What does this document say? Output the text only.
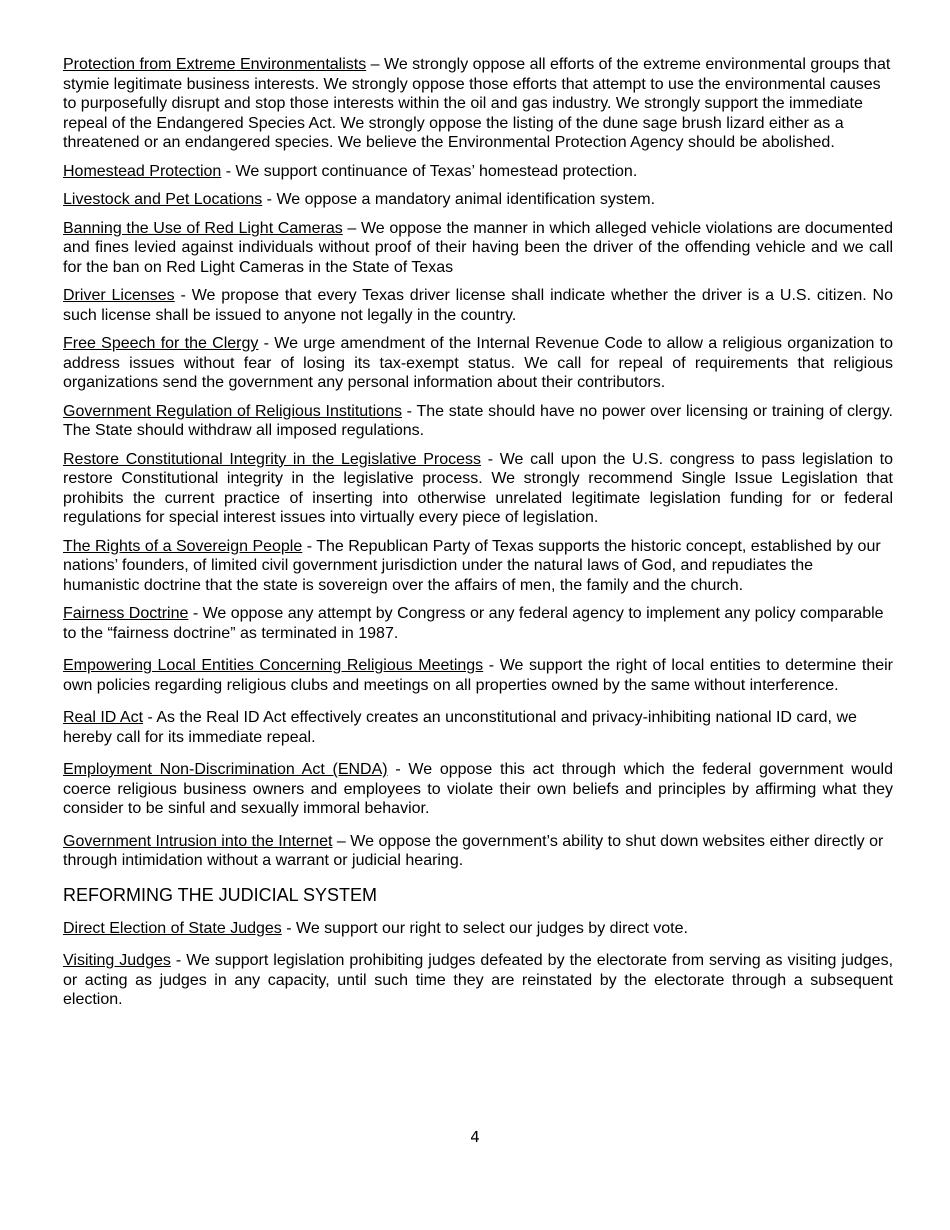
Protection from Extreme Environmentalists – We strongly oppose all efforts of the extreme environmental groups that stymie legitimate business interests. We strongly oppose those efforts that attempt to use the environmental causes to purposefully disrupt and stop those interests within the oil and gas industry. We strongly support the immediate repeal of the Endangered Species Act. We strongly oppose the listing of the dune sage brush lizard either as a threatened or an endangered species. We believe the Environmental Protection Agency should be abolished.

Homestead Protection - We support continuance of Texas’ homestead protection.

Livestock and Pet Locations - We oppose a mandatory animal identification system.

Banning the Use of Red Light Cameras – We oppose the manner in which alleged vehicle violations are documented and fines levied against individuals without proof of their having been the driver of the offending vehicle and we call for the ban on Red Light Cameras in the State of Texas

Driver Licenses - We propose that every Texas driver license shall indicate whether the driver is a U.S. citizen. No such license shall be issued to anyone not legally in the country.

Free Speech for the Clergy - We urge amendment of the Internal Revenue Code to allow a religious organization to address issues without fear of losing its tax-exempt status. We call for repeal of requirements that religious organizations send the government any personal information about their contributors.

Government Regulation of Religious Institutions - The state should have no power over licensing or training of clergy. The State should withdraw all imposed regulations.

Restore Constitutional Integrity in the Legislative Process - We call upon the U.S. congress to pass legislation to restore Constitutional integrity in the legislative process. We strongly recommend Single Issue Legislation that prohibits the current practice of inserting into otherwise unrelated legitimate legislation funding for or federal regulations for special interest issues into virtually every piece of legislation.

The Rights of a Sovereign People - The Republican Party of Texas supports the historic concept, established by our nations’ founders, of limited civil government jurisdiction under the natural laws of God, and repudiates the humanistic doctrine that the state is sovereign over the affairs of men, the family and the church.

Fairness Doctrine - We oppose any attempt by Congress or any federal agency to implement any policy comparable to the “fairness doctrine” as terminated in 1987.

Empowering Local Entities Concerning Religious Meetings - We support the right of local entities to determine their own policies regarding religious clubs and meetings on all properties owned by the same without interference.

Real ID Act - As the Real ID Act effectively creates an unconstitutional and privacy-inhibiting national ID card, we hereby call for its immediate repeal.

Employment Non-Discrimination Act (ENDA) - We oppose this act through which the federal government would coerce religious business owners and employees to violate their own beliefs and principles by affirming what they consider to be sinful and sexually immoral behavior.

Government Intrusion into the Internet – We oppose the government’s ability to shut down websites either directly or through intimidation without a warrant or judicial hearing.

REFORMING THE JUDICIAL SYSTEM

Direct Election of State Judges - We support our right to select our judges by direct vote.

Visiting Judges - We support legislation prohibiting judges defeated by the electorate from serving as visiting judges, or acting as judges in any capacity, until such time they are reinstated by the electorate through a subsequent election.

4
